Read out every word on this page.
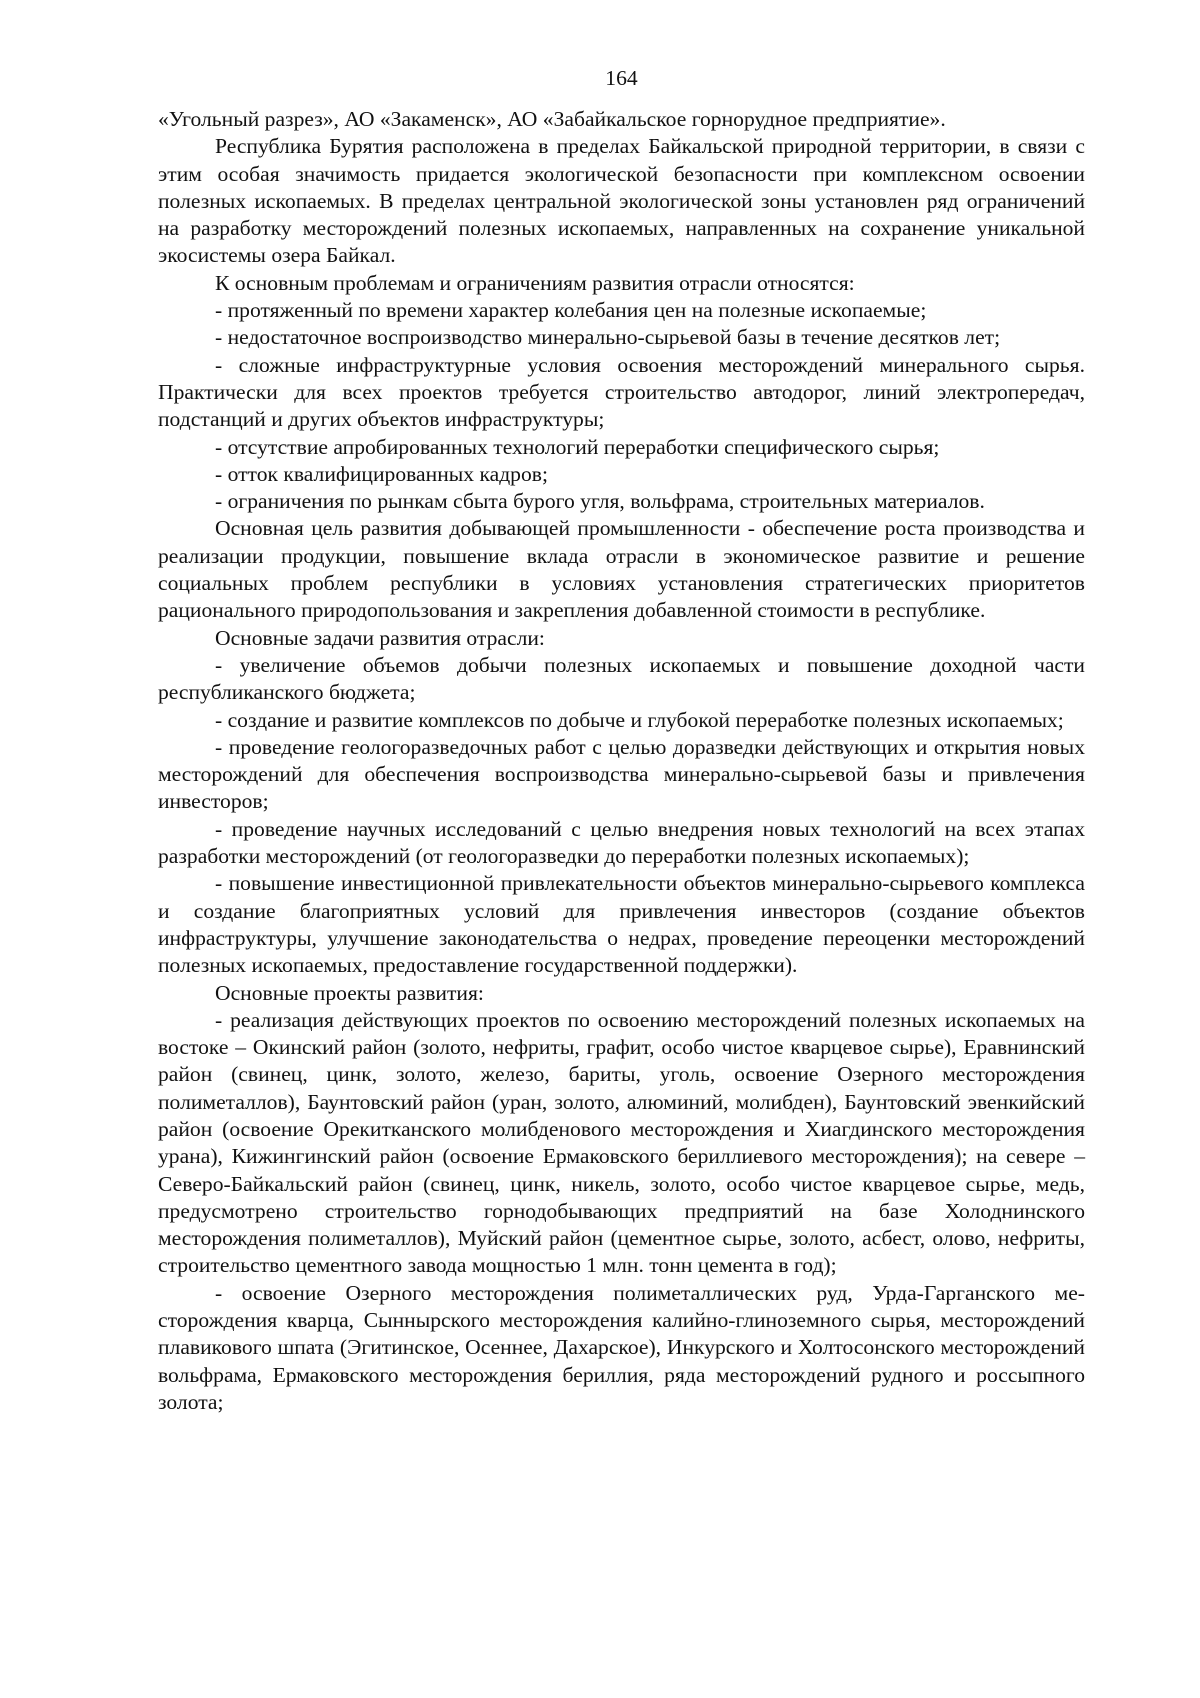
164

«Угольный разрез», АО «Закаменск», АО «Забайкальское горнорудное предприятие».

Республика Бурятия расположена в пределах Байкальской природной территории, в связи с этим особая значимость придается экологической безопасности при комплексном освоении полезных ископаемых. В пределах центральной экологической зоны установлен ряд ограничений на разработку месторождений полезных ископаемых, направленных на сохранение уникальной экосистемы озера Байкал.

К основным проблемам и ограничениям развития отрасли относятся:

- протяженный по времени характер колебания цен на полезные ископаемые;

- недостаточное воспроизводство минерально-сырьевой базы в течение десятков лет;

- сложные инфраструктурные условия освоения месторождений минерального сырья. Практически для всех проектов требуется строительство автодорог, линий электропередач, подстанций и других объектов инфраструктуры;

- отсутствие апробированных технологий переработки специфического сырья;

- отток квалифицированных кадров;

- ограничения по рынкам сбыта бурого угля, вольфрама, строительных материалов.

Основная цель развития добывающей промышленности - обеспечение роста производства и реализации продукции, повышение вклада отрасли в экономическое развитие и решение социальных проблем республики в условиях установления стратегических приоритетов рационального природопользования и закрепления добавленной стоимости в республике.

Основные задачи развития отрасли:

- увеличение объемов добычи полезных ископаемых и повышение доходной части республиканского бюджета;

- создание и развитие комплексов по добыче и глубокой переработке полезных ископаемых;

- проведение геологоразведочных работ с целью доразведки действующих и открытия новых месторождений для обеспечения воспроизводства минерально-сырьевой базы и привлечения инвесторов;

- проведение научных исследований с целью внедрения новых технологий на всех этапах разработки месторождений (от геологоразведки до переработки полезных ископаемых);

- повышение инвестиционной привлекательности объектов минерально-сырьевого комплекса и создание благоприятных условий для привлечения инвесторов (создание объектов инфраструктуры, улучшение законодательства о недрах, проведение переоценки месторождений полезных ископаемых, предоставление государственной поддержки).

Основные проекты развития:

- реализация действующих проектов по освоению месторождений полезных ископаемых на востоке – Окинский район (золото, нефриты, графит, особо чистое кварцевое сырье), Еравнинский район (свинец, цинк, золото, железо, бариты, уголь, освоение Озерного месторождения полиметаллов), Баунтовский район (уран, золото, алюминий, молибден), Баунтовский эвенкийский район (освоение Орекитканского молибденового месторождения и Хиагдинского месторождения урана), Кижингинский район (освоение Ермаковского бериллиевого месторождения); на севере – Северо-Байкальский район (свинец, цинк, никель, золото, особо чистое кварцевое сырье, медь, предусмотрено строительство горнодобывающих предприятий на базе Холоднинского месторождения полиметаллов), Муйский район (цементное сырье, золото, асбест, олово, нефриты, строительство цементного завода мощностью 1 млн. тонн цемента в год);

- освоение Озерного месторождения полиметаллических руд, Урда-Гарганского месторождения кварца, Сыннырского месторождения калийно-глиноземного сырья, месторождений плавикового шпата (Эгитинское, Осеннее, Дахарское), Инкурского и Холтосонского месторождений вольфрама, Ермаковского месторождения бериллия, ряда месторождений рудного и россыпного золота;
